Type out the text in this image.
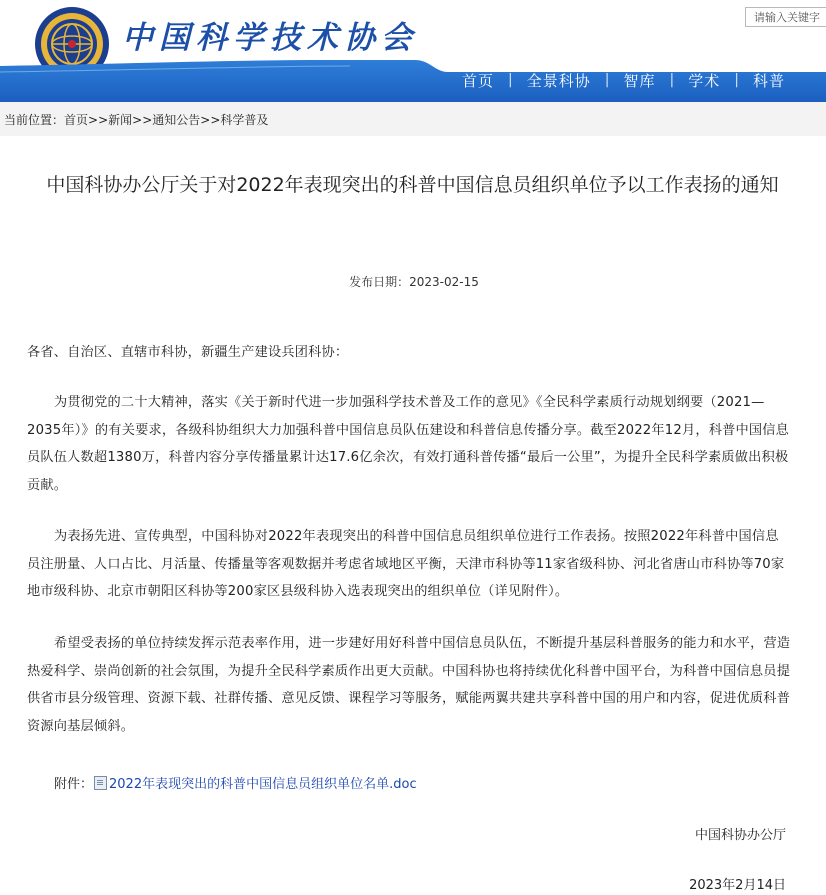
中国科学技术协会
请输入关键字
首页	| 全景科协	| 智库	| 学术	| 科普
当前位置：首页>>新闻>>通知公告>>科学普及
中国科协办公厅关于对2022年表现突出的科普中国信息员组织单位予以工作表扬的通知
发布日期：2023-02-15
各省、自治区、直辖市科协，新疆生产建设兵团科协：
为贯彻党的二十大精神，落实《关于新时代进一步加强科学技术普及工作的意见》《全民科学素质行动规划纲要（2021—2035年）》的有关要求，各级科协组织大力加强科普中国信息员队伍建设和科普信息传播分享。截至2022年12月，科普中国信息员队伍人数超1380万，科普内容分享传播量累计达17.6亿余次，有效打通科普传播“最后一公里”，为提升全民科学素质做出积极贡献。
为表扬先进、宣传典型，中国科协对2022年表现突出的科普中国信息员组织单位进行工作表扬。按照2022年科普中国信息员注册量、人口占比、月活量、传播量等客观数据并考虑省域地区平衡，天津市科协等11家省级科协、河北省唐山市科协等70家地市级科协、北京市朝阳区科协等200家区县级科协入选表现突出的组织单位（详见附件）。
希望受表扬的单位持续发挥示范表率作用，进一步建好用好科普中国信息员队伍，不断提升基层科普服务的能力和水平，营造热爱科学、崇尚创新的社会氛围，为提升全民科学素质作出更大贡献。中国科协也将持续优化科普中国平台，为科普中国信息员提供省市县分级管理、资源下载、社群传播、意见反馈、课程学习等服务，赋能两翼共建共享科普中国的用户和内容，促进优质科普资源向基层倾斜。
附件： 2022年表现突出的科普中国信息员组织单位名单.doc
中国科协办公厅
2023年2月14日
